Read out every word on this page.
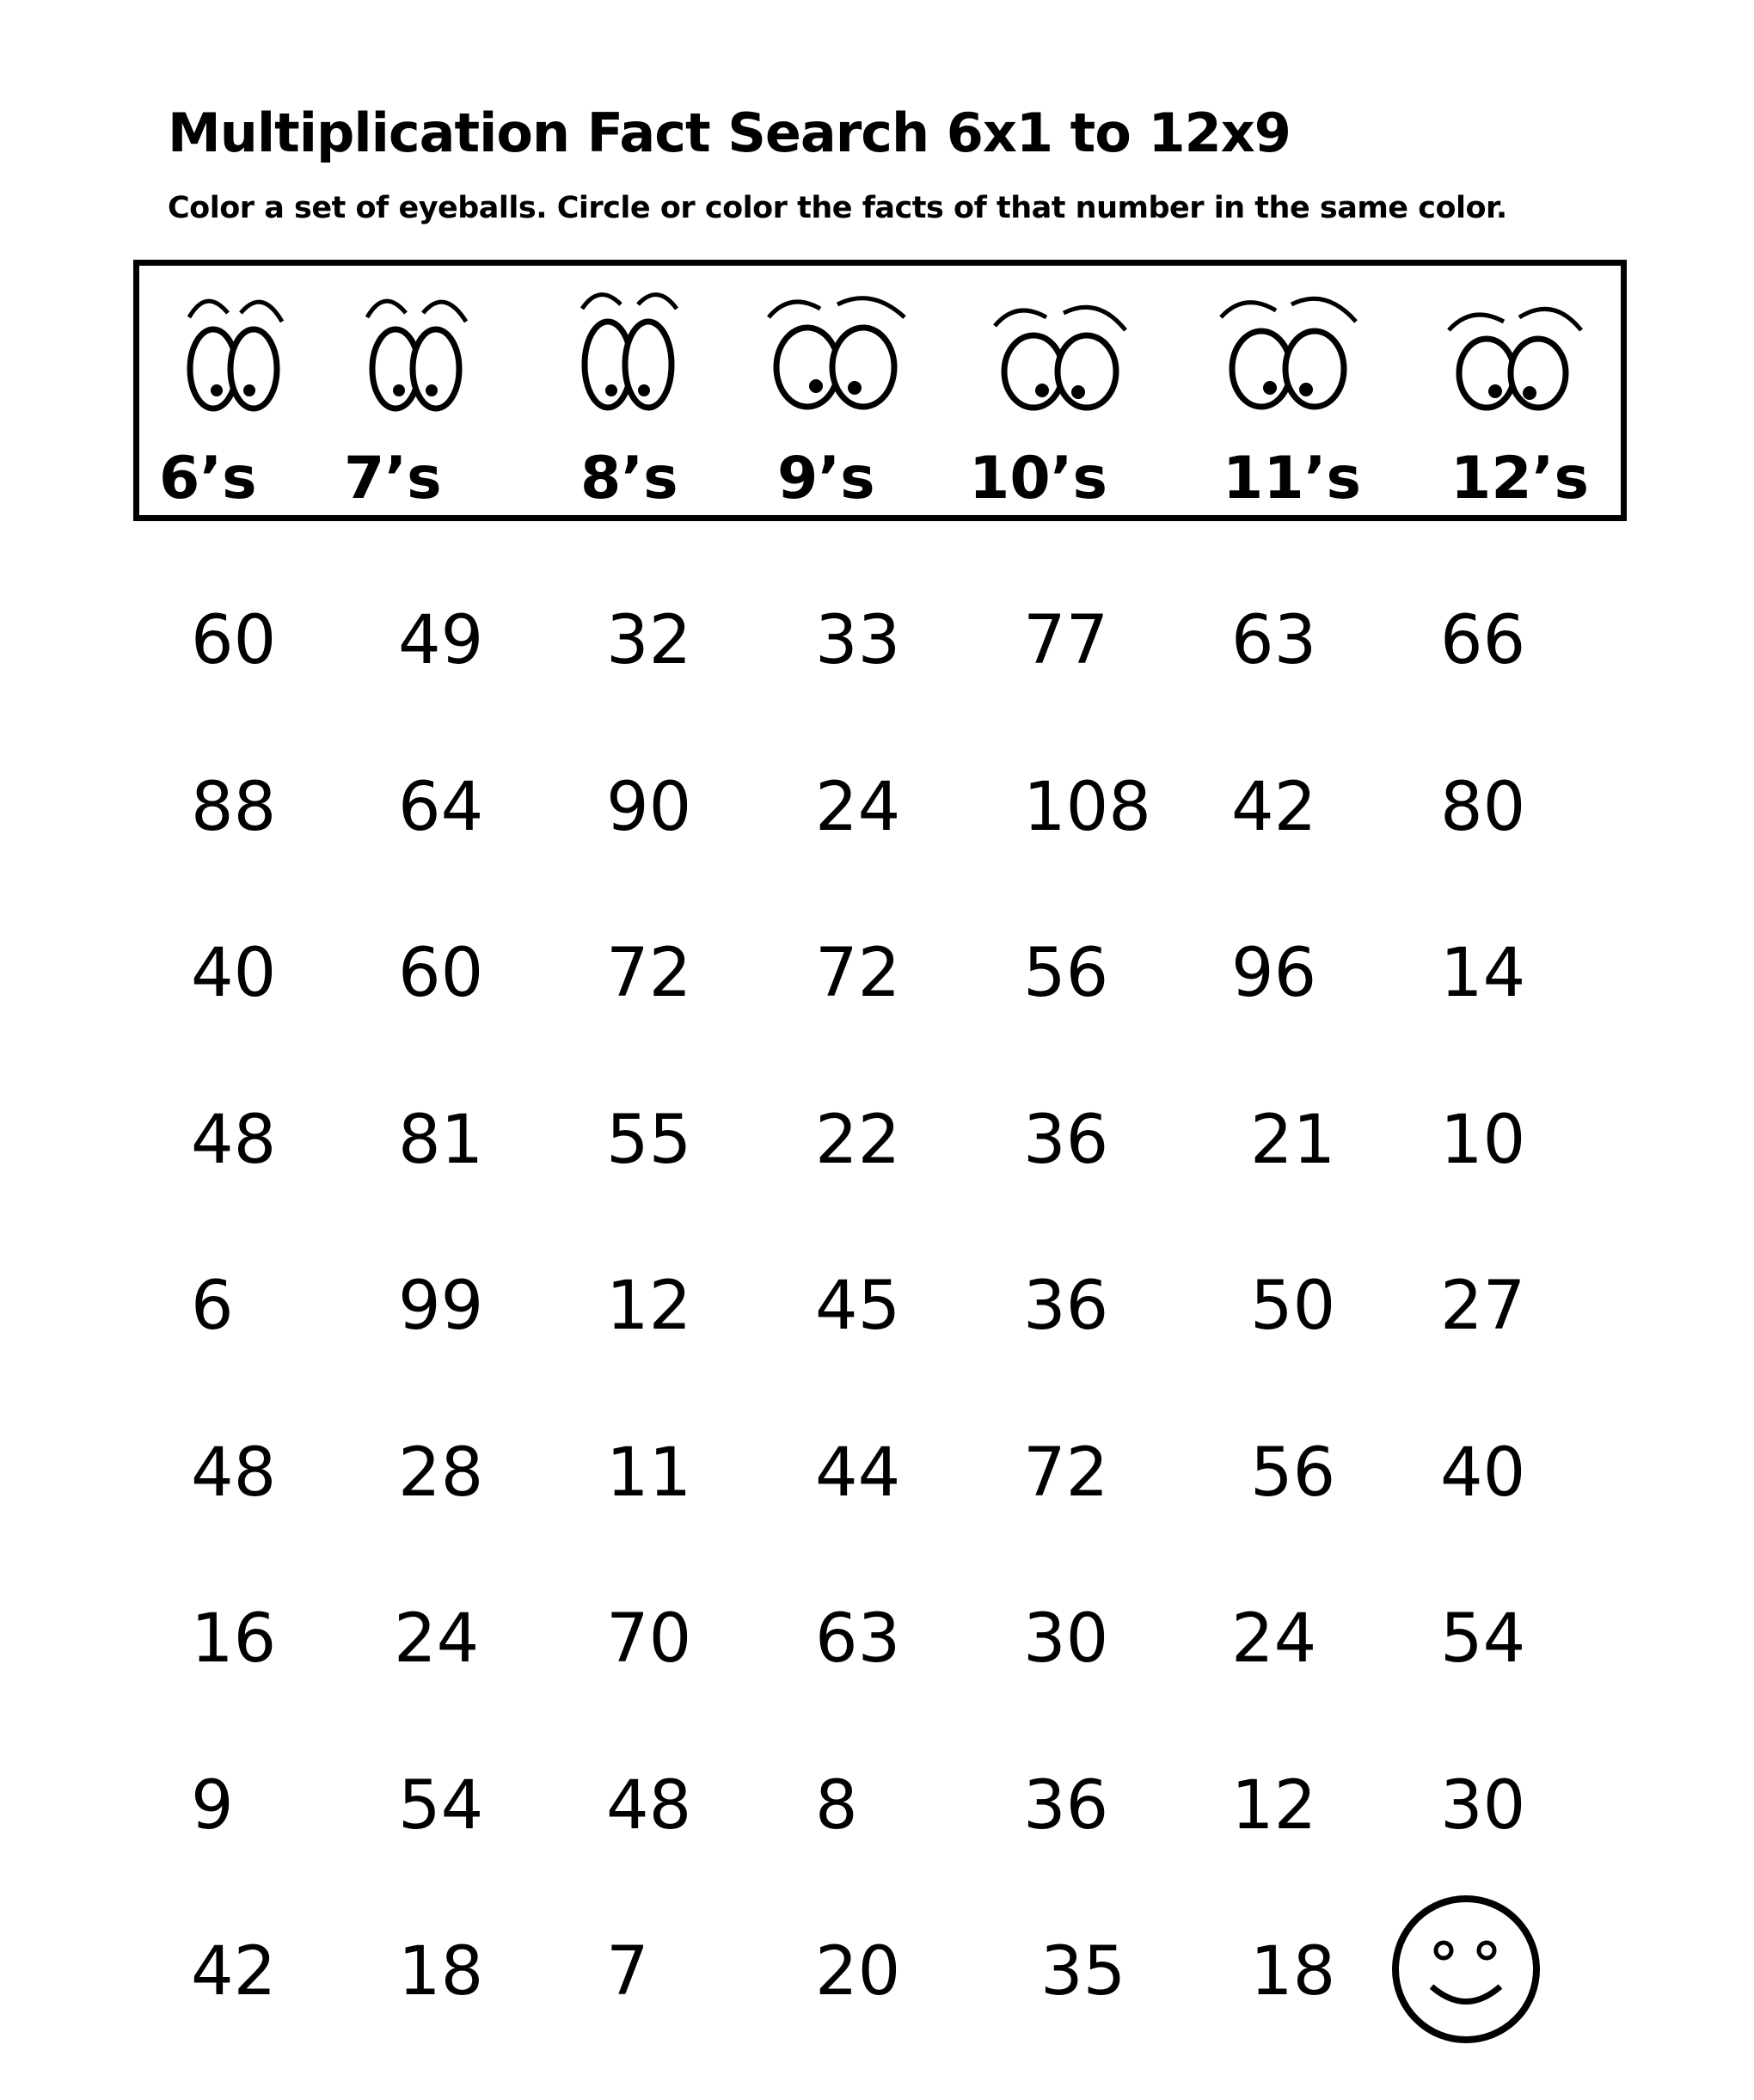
Multiplication Fact Search 6x1 to 12x9
Color a set of eyeballs. Circle or color the facts of that number in the same color.
6’s 7’s 8’s 9’s 10’s 11’s 12’s
60 49 32 33 77 63 66
88 64 90 24 108 42 80
40 60 72 72 56 96 14
48 81 55 22 36 21 10
6 99 12 45 36 50 27
48 28 11 44 72 56 40
16 24 70 63 30 24 54
9 54 48 8 36 12 30
42 18 7 20 35 18
